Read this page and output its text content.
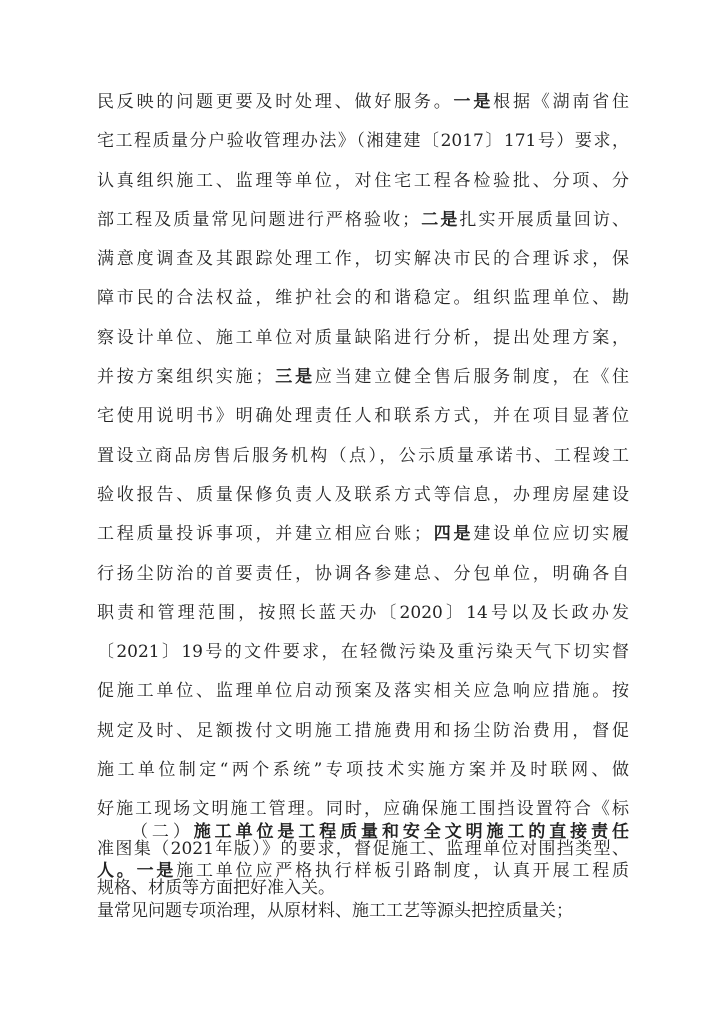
民反映的问题更要及时处理、做好服务。一是根据《湖南省住
宅工程质量分户验收管理办法》（湘建建〔2017〕171号）要求，
认真组织施工、监理等单位，对住宅工程各检验批、分项、分
部工程及质量常见问题进行严格验收；二是扎实开展质量回访、
满意度调查及其跟踪处理工作，切实解决市民的合理诉求，保
障市民的合法权益，维护社会的和谐稳定。组织监理单位、勘
察设计单位、施工单位对质量缺陷进行分析，提出处理方案，
并按方案组织实施；三是应当建立健全售后服务制度，在《住
宅使用说明书》明确处理责任人和联系方式，并在项目显著位
置设立商品房售后服务机构（点），公示质量承诺书、工程竣工
验收报告、质量保修负责人及联系方式等信息，办理房屋建设
工程质量投诉事项，并建立相应台账；四是建设单位应切实履
行扬尘防治的首要责任，协调各参建总、分包单位，明确各自
职责和管理范围，按照长蓝天办〔2020〕14号以及长政办发
〔2021〕19号的文件要求，在轻微污染及重污染天气下切实督
促施工单位、监理单位启动预案及落实相关应急响应措施。按
规定及时、足额拨付文明施工措施费用和扬尘防治费用，督促
施工单位制定“两个系统”专项技术实施方案并及时联网、做
好施工现场文明施工管理。同时，应确保施工围挡设置符合《标
准图集（2021年版）》的要求，督促施工、监理单位对围挡类型、
规格、材质等方面把好准入关。
（二）施工单位是工程质量和安全文明施工的直接责任
人。一是施工单位应严格执行样板引路制度，认真开展工程质
量常见问题专项治理，从原材料、施工工艺等源头把控质量关；
